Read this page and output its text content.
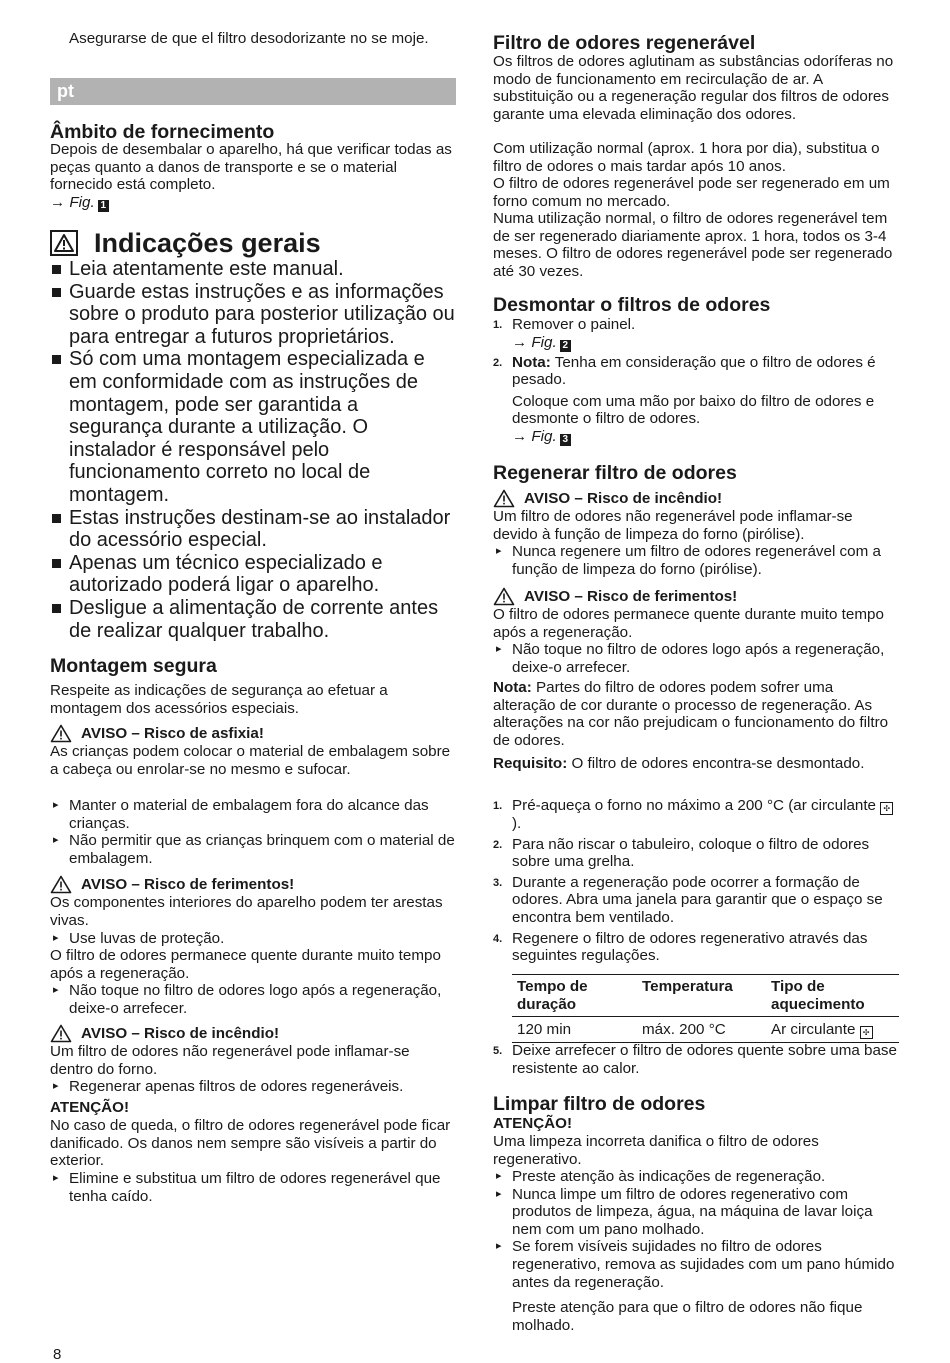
Asegurarse de que el filtro desodorizante no se moje.

Âmbito de fornecimento

Depois de desembalar o aparelho, há que verificar todas as peças quanto a danos de transporte e se o material fornecido está completo.
→ Fig. 1

Indicações gerais
Leia atentamente este manual.
Guarde estas instruções e as informações sobre o produto para posterior utilização ou para entregar a futuros proprietários.
Só com uma montagem especializada e em conformidade com as instruções de montagem, pode ser garantida a segurança durante a utilização. O instalador é responsável pelo funcionamento correto no local de montagem.
Estas instruções destinam-se ao instalador do acessório especial.
Apenas um técnico especializado e autorizado poderá ligar o aparelho.
Desligue a alimentação de corrente antes de realizar qualquer trabalho.
Montagem segura

Respeite as indicações de segurança ao efetuar a montagem dos acessórios especiais.

AVISO – Risco de asfixia!

As crianças podem colocar o material de embalagem sobre a cabeça ou enrolar-se no mesmo e sufocar.

▸ Manter o material de embalagem fora do alcance das crianças.
▸ Não permitir que as crianças brinquem com o material de embalagem.
AVISO – Risco de ferimentos!

Os componentes interiores do aparelho podem ter arestas vivas.

▸ Use luvas de proteção.

O filtro de odores permanece quente durante muito tempo após a regeneração.

▸ Não toque no filtro de odores logo após a regeneração, deixe-o arrefecer.
AVISO – Risco de incêndio!

Um filtro de odores não regenerável pode inflamar-se dentro do forno.

▸ Regenerar apenas filtros de odores regeneráveis.

ATENÇÃO!

No caso de queda, o filtro de odores regenerável pode ficar danificado. Os danos nem sempre são visíveis a partir do exterior.

▸ Elimine e substitua um filtro de odores regenerável que tenha caído.
pt
Filtro de odores regenerável

Os filtros de odores aglutinam as substâncias odoríferas no modo de funcionamento em recirculação de ar. A substituição ou a regeneração regular dos filtros de odores garante uma elevada eliminação dos odores.

Com utilização normal (aprox. 1 hora por dia), substitua o filtro de odores o mais tardar após 10 anos.

O filtro de odores regenerável pode ser regenerado em um forno comum no mercado.

Numa utilização normal, o filtro de odores regenerável tem de ser regenerado diariamente aprox. 1 hora, todos os 3-4 meses. O filtro de odores regenerável pode ser regenerado até 30 vezes.

Desmontar o filtros de odores
1. Remover o painel.
→ Fig. 2
2. Nota: Tenha em consideração que o filtro de odores é pesado.
Coloque com uma mão por baixo do filtro de odores e desmonte o filtro de odores.
→ Fig. 3
Regenerar filtro de odores
AVISO – Risco de incêndio!

Um filtro de odores não regenerável pode inflamar-se devido à função de limpeza do forno (pirólise).

▸ Nunca regenere um filtro de odores regenerável com a função de limpeza do forno (pirólise).
AVISO – Risco de ferimentos!

O filtro de odores permanece quente durante muito tempo após a regeneração.

▸ Não toque no filtro de odores logo após a regeneração, deixe-o arrefecer.

Nota: Partes do filtro de odores podem sofrer uma alteração de cor durante o processo de regeneração. As alterações na cor não prejudicam o funcionamento do filtro de odores.

Requisito: O filtro de odores encontra-se desmontado.

1. Pré-aqueça o forno no máximo a 200 °C (ar circulante ✣).
2. Para não riscar o tabuleiro, coloque o filtro de odores sobre uma grelha.
3. Durante a regeneração pode ocorrer a formação de odores. Abra uma janela para garantir que o espaço se encontra bem ventilado.
4. Regenere o filtro de odores regenerativo através das seguintes regulações.
Tempo de duração	Temperatura	Tipo de aquecimento
120 min	máx. 200 °C	Ar circulante ✣
5. Deixe arrefecer o filtro de odores quente sobre uma base resistente ao calor.
Limpar filtro de odores

ATENÇÃO!

Uma limpeza incorreta danifica o filtro de odores regenerativo.

▸ Preste atenção às indicações de regeneração.
▸ Nunca limpe um filtro de odores regenerativo com produtos de limpeza, água, na máquina de lavar loiça nem com um pano molhado.
▸ Se forem visíveis sujidades no filtro de odores regenerativo, remova as sujidades com um pano húmido antes da regeneração.

Preste atenção para que o filtro de odores não fique molhado.

8
